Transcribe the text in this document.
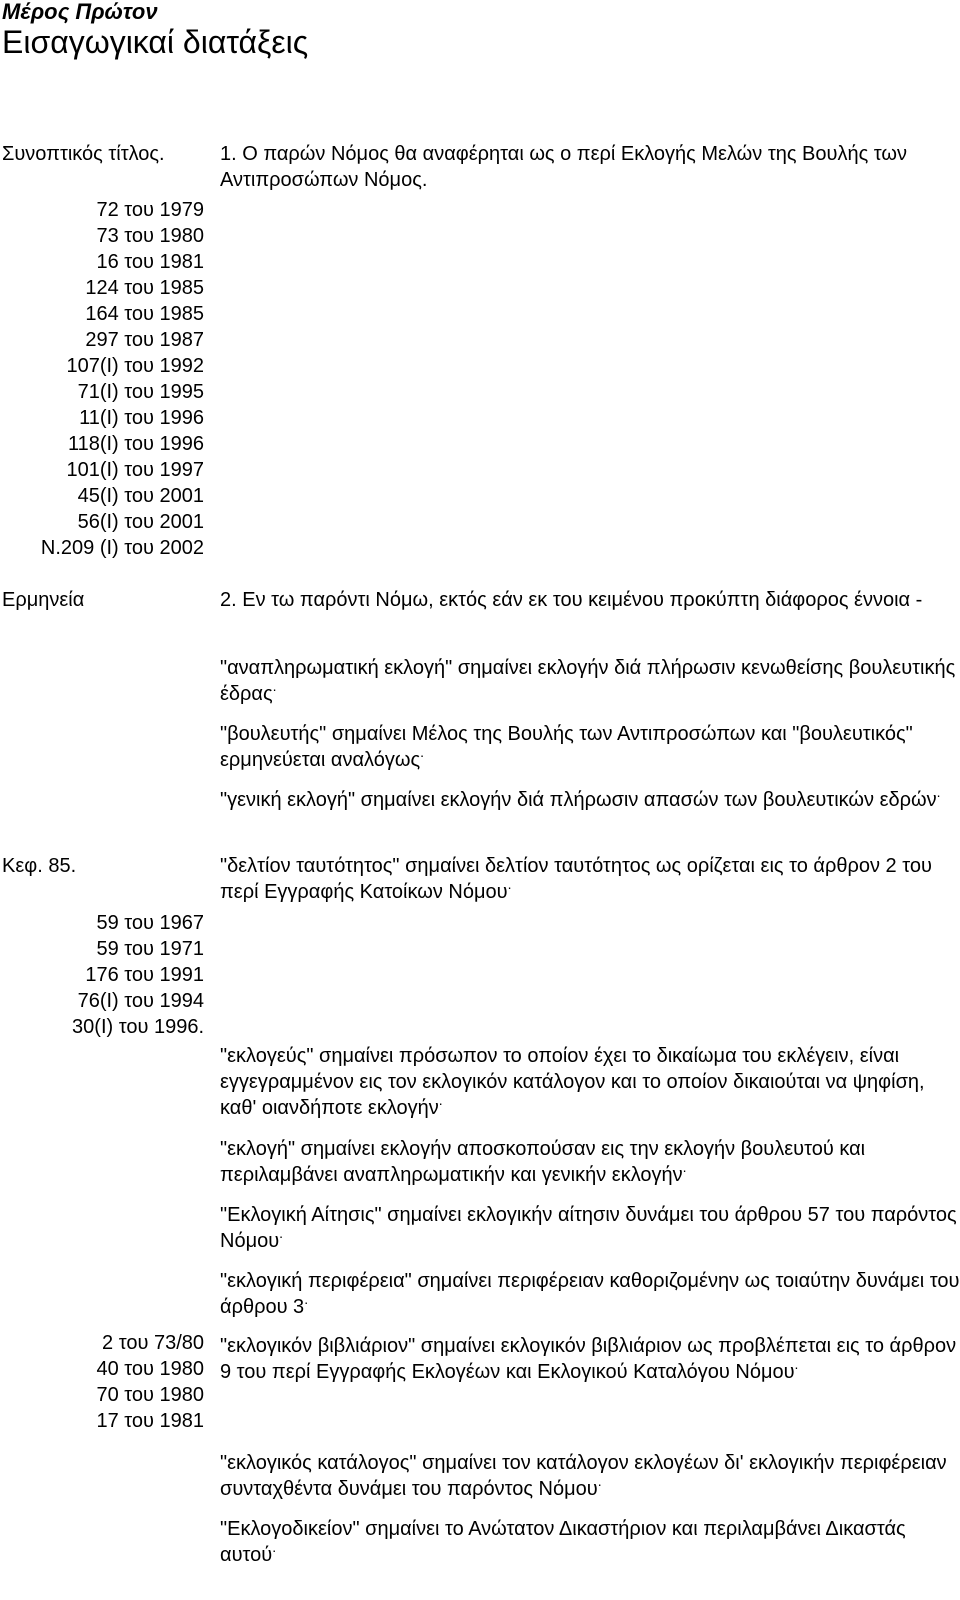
Μέρος Πρώτον
Εισαγωγικαί διατάξεις
Συνοπτικός τίτλος.	1. Ο παρών Νόμος θα αναφέρηται ως ο περί Εκλογής Μελών της Βουλής των Αντιπροσώπων Νόμος.
72 του 1979
73 του 1980
16 του 1981
124 του 1985
164 του 1985
297 του 1987
107(I) του 1992
71(I) του 1995
11(I) του 1996
118(I) του 1996
101(I) του 1997
45(I) του 2001
56(I) του 2001
Ν.209 (I) του 2002
Ερμηνεία	2. Εν τω παρόντι Νόμω, εκτός εάν εκ του κειμένου προκύπτη διάφορος έννοια -

"αναπληρωματική εκλογή" σημαίνει εκλογήν διά πλήρωσιν κενωθείσης βουλευτικής έδρας.

"βουλευτής" σημαίνει Μέλος της Βουλής των Αντιπροσώπων και "βουλευτικός" ερμηνεύεται αναλόγως.

"γενική εκλογή" σημαίνει εκλογήν διά πλήρωσιν απασών των βουλευτικών εδρών.

Κεφ. 85.	"δελτίον ταυτότητος" σημαίνει δελτίον ταυτότητος ως ορίζεται εις το άρθρον 2 του περί Εγγραφής Κατοίκων Νόμου.

59 του 1967
59 του 1971
176 του 1991
76(I) του 1994
30(I) του 1996.

"εκλογεύς" σημαίνει πρόσωπον το οποίον έχει το δικαίωμα του εκλέγειν, είναι εγγεγραμμένον εις τον εκλογικόν κατάλογον και το οποίον δικαιούται να ψηφίση, καθ' οιανδήποτε εκλογήν.

"εκλογή" σημαίνει εκλογήν αποσκοπούσαν εις την εκλογήν βουλευτού και περιλαμβάνει αναπληρωματικήν και γενικήν εκλογήν.

"Εκλογική Αίτησις" σημαίνει εκλογικήν αίτησιν δυνάμει του άρθρου 57 του παρόντος Νόμου.

"εκλογική περιφέρεια" σημαίνει περιφέρειαν καθοριζομένην ως τοιαύτην δυνάμει του άρθρου 3.

2 του 73/80
40 του 1980
70 του 1980
17 του 1981

"εκλογικόν βιβλιάριον" σημαίνει εκλογικόν βιβλιάριον ως προβλέπεται εις το άρθρον 9 του περί Εγγραφής Εκλογέων και Εκλογικού Καταλόγου Νόμου.

"εκλογικός κατάλογος" σημαίνει τον κατάλογον εκλογέων δι' εκλογικήν περιφέρειαν συνταχθέντα δυνάμει του παρόντος Νόμου.

"Εκλογοδικείον" σημαίνει το Ανώτατον Δικαστήριον και περιλαμβάνει Δικαστάς αυτού.
